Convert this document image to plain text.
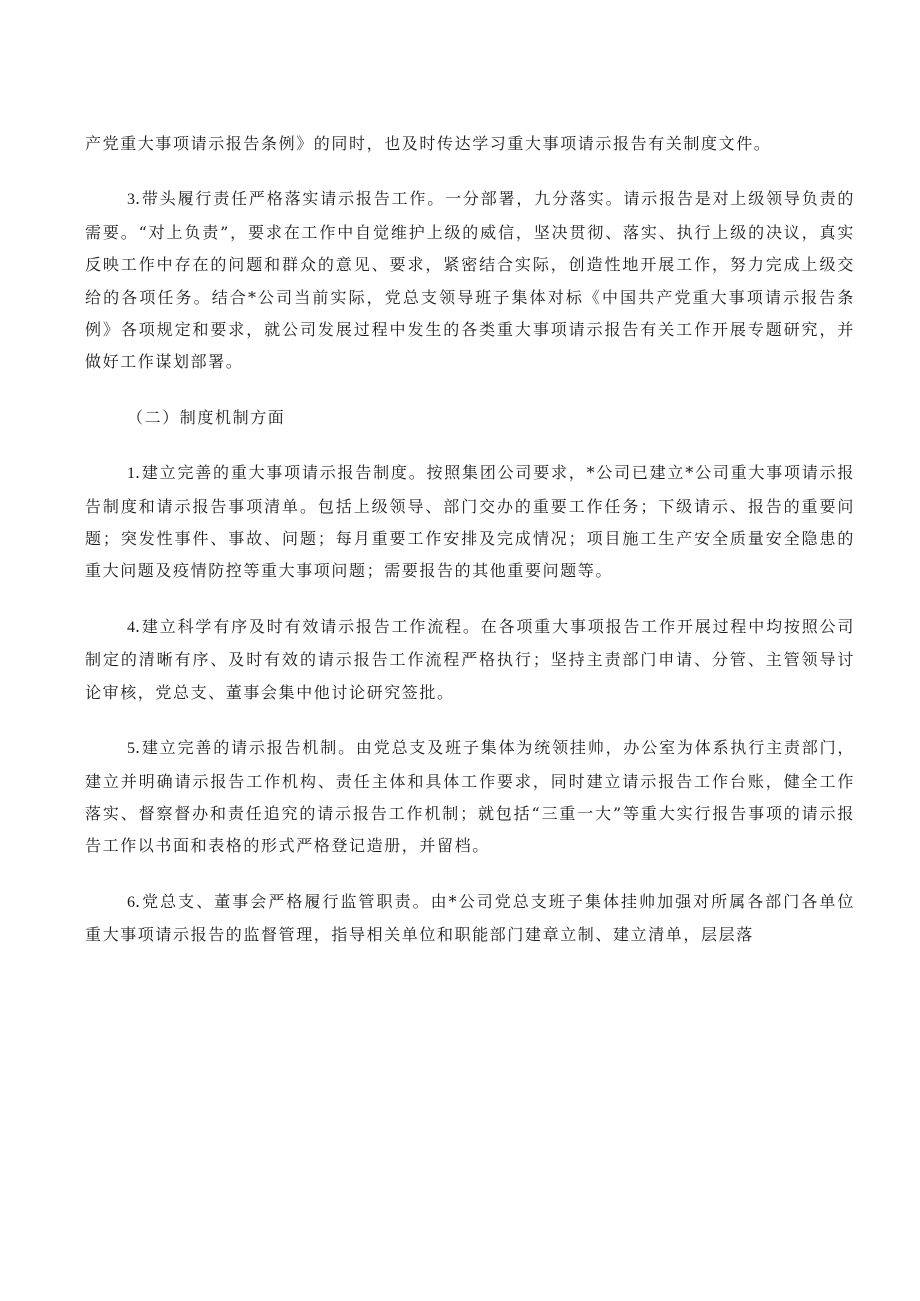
产党重大事项请示报告条例》的同时，也及时传达学习重大事项请示报告有关制度文件。

3.带头履行责任严格落实请示报告工作。一分部署，九分落实。请示报告是对上级领导负责的需要。“对上负责”，要求在工作中自觉维护上级的威信，坚决贯彻、落实、执行上级的决议，真实反映工作中存在的问题和群众的意见、要求，紧密结合实际，创造性地开展工作，努力完成上级交给的各项任务。结合*公司当前实际，党总支领导班子集体对标《中国共产党重大事项请示报告条例》各项规定和要求，就公司发展过程中发生的各类重大事项请示报告有关工作开展专题研究，并做好工作谋划部署。

（二）制度机制方面

1.建立完善的重大事项请示报告制度。按照集团公司要求，*公司已建立*公司重大事项请示报告制度和请示报告事项清单。包括上级领导、部门交办的重要工作任务；下级请示、报告的重要问题；突发性事件、事故、问题；每月重要工作安排及完成情况；项目施工生产安全质量安全隐患的重大问题及疫情防控等重大事项问题；需要报告的其他重要问题等。

4.建立科学有序及时有效请示报告工作流程。在各项重大事项报告工作开展过程中均按照公司制定的清晰有序、及时有效的请示报告工作流程严格执行；坚持主责部门申请、分管、主管领导讨论审核，党总支、董事会集中他讨论研究签批。

5.建立完善的请示报告机制。由党总支及班子集体为统领挂帅，办公室为体系执行主责部门，建立并明确请示报告工作机构、责任主体和具体工作要求，同时建立请示报告工作台账，健全工作落实、督察督办和责任追究的请示报告工作机制；就包括“三重一大”等重大实行报告事项的请示报告工作以书面和表格的形式严格登记造册，并留档。

6.党总支、董事会严格履行监管职责。由*公司党总支班子集体挂帅加强对所属各部门各单位重大事项请示报告的监督管理，指导相关单位和职能部门建章立制、建立清单，层层落
